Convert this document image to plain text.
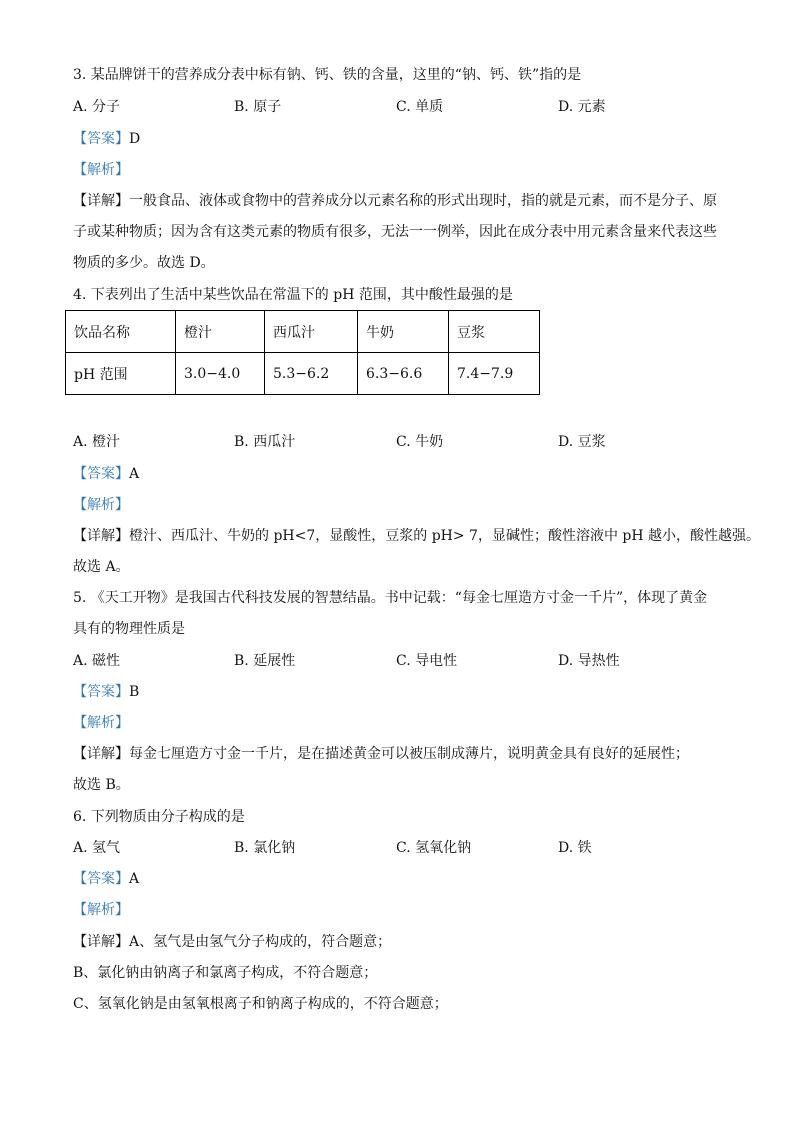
3. 某品牌饼干的营养成分表中标有钠、钙、铁的含量，这里的“钠、钙、铁”指的是
A. 分子	B. 原子	C. 单质	D. 元素
【答案】D
【解析】
【详解】一般食品、液体或食物中的营养成分以元素名称的形式出现时，指的就是元素，而不是分子、原
子或某种物质；因为含有这类元素的物质有很多，无法一一例举，因此在成分表中用元素含量来代表这些
物质的多少。故选 D。
4. 下表列出了生活中某些饮品在常温下的 pH 范围，其中酸性最强的是
饮品名称	橙汁	西瓜汁	牛奶	豆浆
pH 范围	3.0−4.0	5.3−6.2	6.3−6.6	7.4−7.9
A. 橙汁	B. 西瓜汁	C. 牛奶	D. 豆浆
【答案】A
【解析】
【详解】橙汁、西瓜汁、牛奶的 pH<7，显酸性，豆浆的 pH> 7，显碱性；酸性溶液中 pH 越小，酸性越强。
故选 A。
5. 《天工开物》是我国古代科技发展的智慧结晶。书中记载：“每金七厘造方寸金一千片”，体现了黄金
具有的物理性质是
A. 磁性	B. 延展性	C. 导电性	D. 导热性
【答案】B
【解析】
【详解】每金七厘造方寸金一千片，是在描述黄金可以被压制成薄片，说明黄金具有良好的延展性；
故选 B。
6. 下列物质由分子构成的是
A. 氢气	B. 氯化钠	C. 氢氧化钠	D. 铁
【答案】A
【解析】
【详解】A、氢气是由氢气分子构成的，符合题意；
B、氯化钠由钠离子和氯离子构成，不符合题意；
C、氢氧化钠是由氢氧根离子和钠离子构成的，不符合题意；
